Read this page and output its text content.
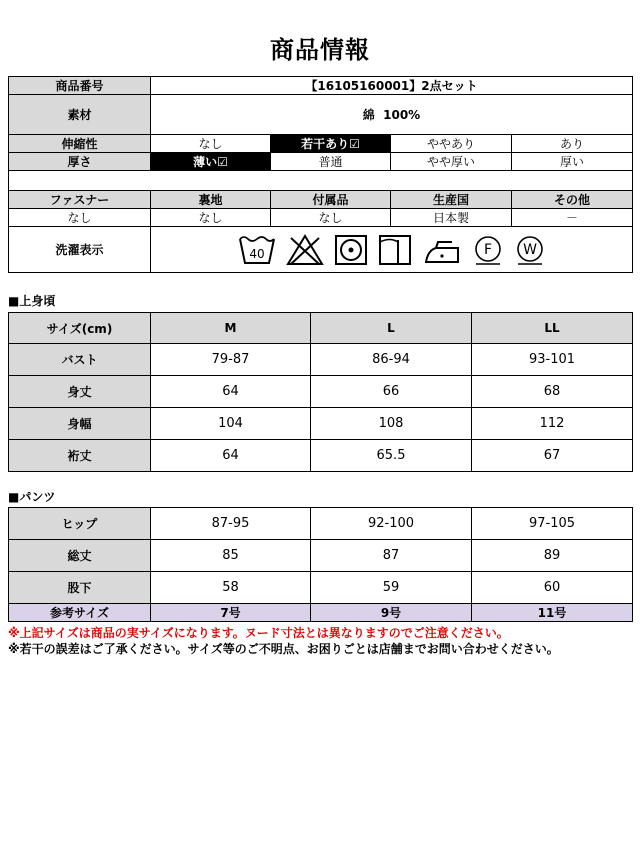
商品情報
商品番号	【16105160001】2点セット			
素材	綿  100%			
伸縮性	なし	若干あり☑	ややあり	あり
厚さ	薄い☑	普通	やや厚い	厚い

ファスナー	裏地	付属品	生産国	その他
なし	なし	なし	日本製	－
洗濯表示	40 F W			
■上身頃
サイズ(cm)	M	L	LL
バスト	79-87	86-94	93-101
身丈	64	66	68
身幅	104	108	112
裄丈	64	65.5	67
■パンツ
ヒップ	87-95	92-100	97-105
総丈	85	87	89
股下	58	59	60
参考サイズ	7号	9号	11号
※上記サイズは商品の実サイズになります。ヌード寸法とは異なりますのでご注意ください。
※若干の誤差はご了承ください。サイズ等のご不明点、お困りごとは店舗までお問い合わせください。
